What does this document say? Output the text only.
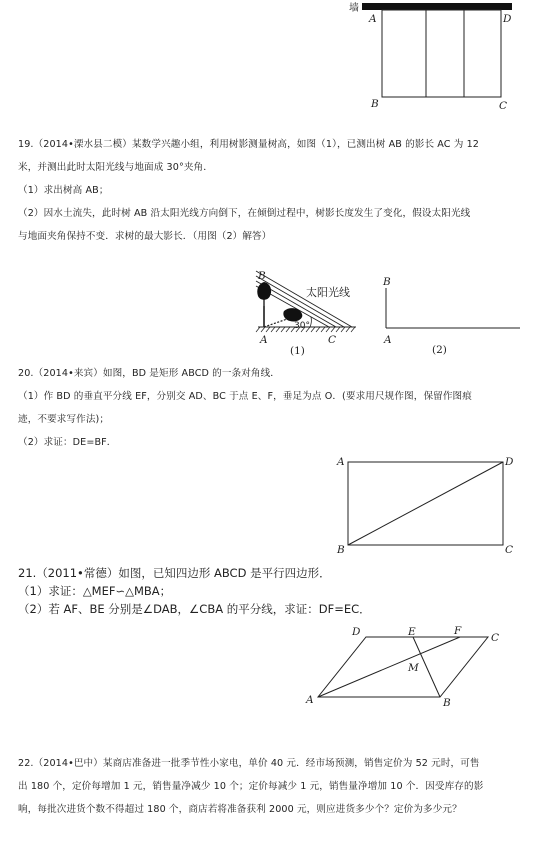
墙
A	D
B	C
19.（2014•溧水县二模）某数学兴趣小组，利用树影测量树高，如图（1），已测出树 AB 的影长 AC 为 12
米，并测出此时太阳光线与地面成 30°夹角．
（1）求出树高 AB；
（2）因水土流失，此时树 AB 沿太阳光线方向倒下，在倾倒过程中，树影长度发生了变化，假设太阳光线
与地面夹角保持不变．求树的最大影长．（用图（2）解答）
太阳光线
30°
B
A	C
(1)
B
A
(2)
20.（2014•来宾）如图，BD 是矩形 ABCD 的一条对角线．
（1）作 BD 的垂直平分线 EF，分别交 AD、BC 于点 E、F，垂足为点 O．(要求用尺规作图，保留作图痕
迹，不要求写作法)；
（2）求证：DE=BF．
A	D
B	C
21.（2011•常德）如图，已知四边形 ABCD 是平行四边形．
（1）求证：△MEF∽△MBA；
（2）若 AF、BE 分别是∠DAB，∠CBA 的平分线，求证：DF=EC．
D	E	F
C
M
A	B
22.（2014•巴中）某商店准备进一批季节性小家电，单价 40 元．经市场预测，销售定价为 52 元时，可售
出 180 个，定价每增加 1 元，销售量净减少 10 个；定价每减少 1 元，销售量净增加 10 个．因受库存的影
响，每批次进货个数不得超过 180 个，商店若将准备获利 2000 元，则应进货多少个？定价为多少元？
